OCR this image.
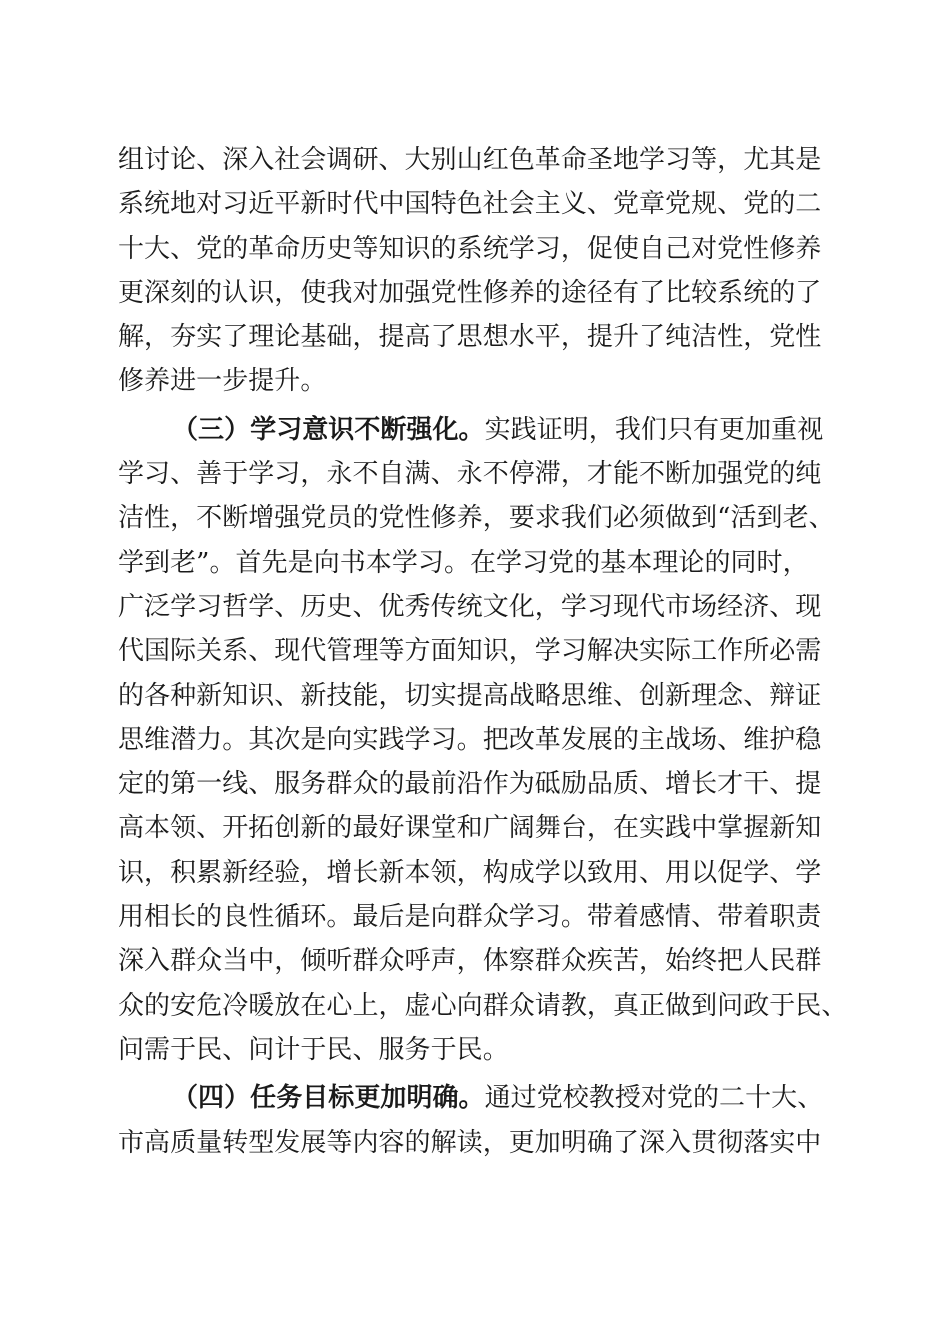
组讨论、深入社会调研、大别山红色革命圣地学习等，尤其是
系统地对习近平新时代中国特色社会主义、党章党规、党的二
十大、党的革命历史等知识的系统学习，促使自己对党性修养
更深刻的认识，使我对加强党性修养的途径有了比较系统的了
解，夯实了理论基础，提高了思想水平，提升了纯洁性，党性
修养进一步提升。
（三）学习意识不断强化。实践证明，我们只有更加重视
学习、善于学习，永不自满、永不停滞，才能不断加强党的纯
洁性，不断增强党员的党性修养，要求我们必须做到“活到老、
学到老”。首先是向书本学习。在学习党的基本理论的同时，
广泛学习哲学、历史、优秀传统文化，学习现代市场经济、现
代国际关系、现代管理等方面知识，学习解决实际工作所必需
的各种新知识、新技能，切实提高战略思维、创新理念、辩证
思维潜力。其次是向实践学习。把改革发展的主战场、维护稳
定的第一线、服务群众的最前沿作为砥励品质、增长才干、提
高本领、开拓创新的最好课堂和广阔舞台，在实践中掌握新知
识，积累新经验，增长新本领，构成学以致用、用以促学、学
用相长的良性循环。最后是向群众学习。带着感情、带着职责
深入群众当中，倾听群众呼声，体察群众疾苦，始终把人民群
众的安危冷暖放在心上，虚心向群众请教，真正做到问政于民、
问需于民、问计于民、服务于民。
（四）任务目标更加明确。通过党校教授对党的二十大、
市高质量转型发展等内容的解读，更加明确了深入贯彻落实中
